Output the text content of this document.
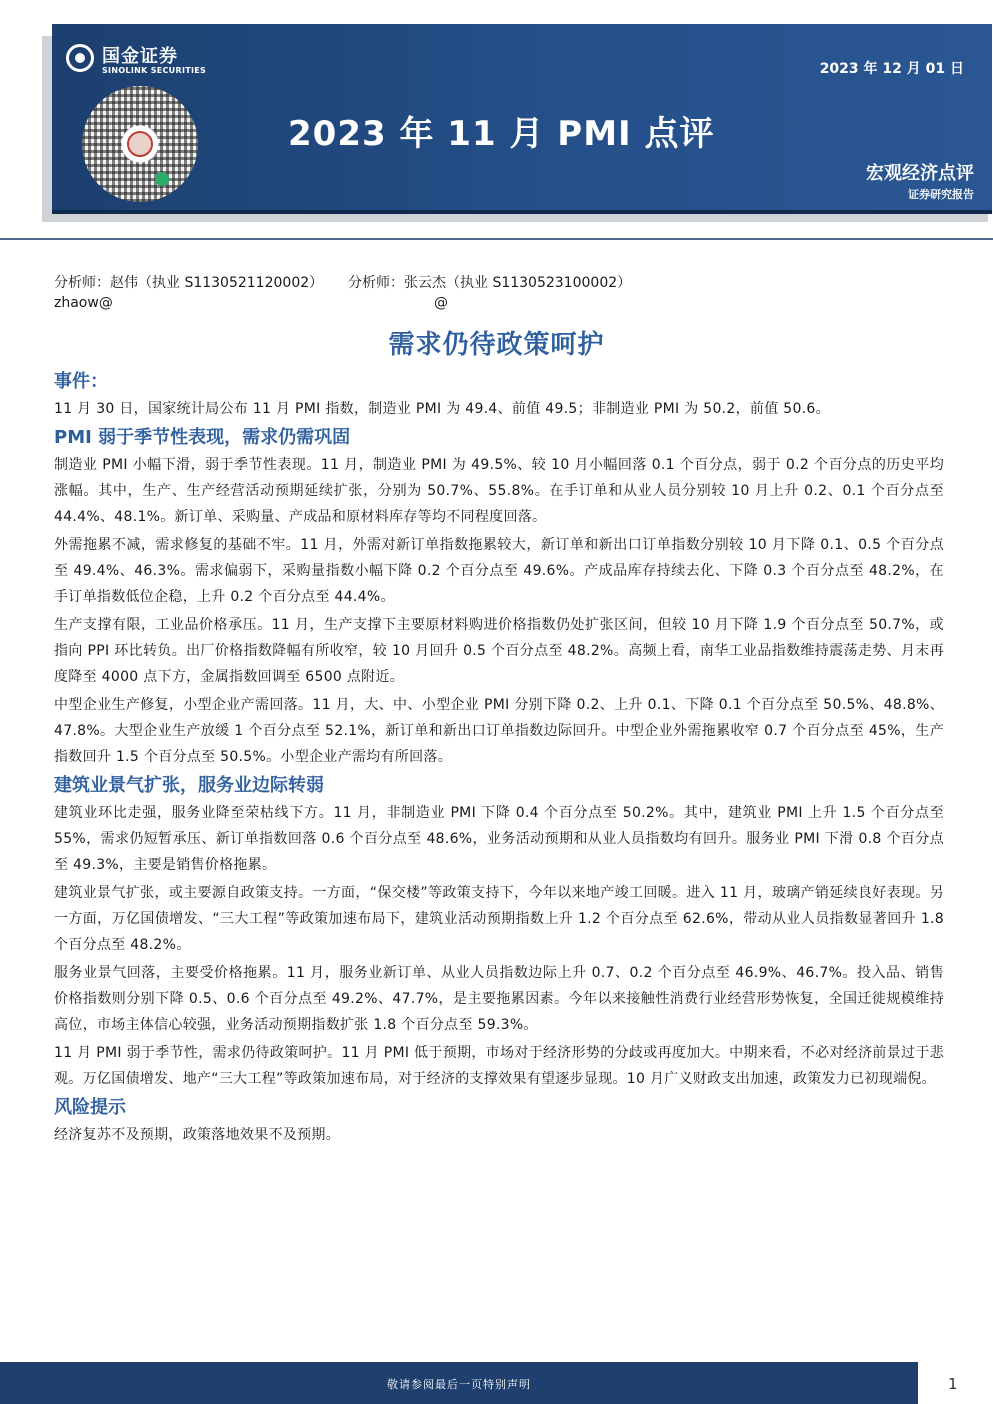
国金证券
SINOLINK SECURITIES	2023 年 12 月 01 日
2023 年 11 月 PMI 点评
宏观经济点评
证券研究报告
分析师：赵伟（执业 S1130521120002） 分析师：张云杰（执业 S1130523100002）
zhaow@	@
需求仍待政策呵护
事件：

11 月 30 日，国家统计局公布 11 月 PMI 指数，制造业 PMI 为 49.4、前值 49.5；非制造业 PMI 为 50.2，前值 50.6。

PMI 弱于季节性表现，需求仍需巩固

制造业 PMI 小幅下滑，弱于季节性表现。11 月，制造业 PMI 为 49.5%、较 10 月小幅回落 0.1 个百分点，弱于 0.2 个百分点的历史平均涨幅。其中，生产、生产经营活动预期延续扩张，分别为 50.7%、55.8%。在手订单和从业人员分别较 10 月上升 0.2、0.1 个百分点至 44.4%、48.1%。新订单、采购量、产成品和原材料库存等均不同程度回落。

外需拖累不减，需求修复的基础不牢。11 月，外需对新订单指数拖累较大，新订单和新出口订单指数分别较 10 月下降 0.1、0.5 个百分点至 49.4%、46.3%。需求偏弱下，采购量指数小幅下降 0.2 个百分点至 49.6%。产成品库存持续去化、下降 0.3 个百分点至 48.2%，在手订单指数低位企稳，上升 0.2 个百分点至 44.4%。

生产支撑有限，工业品价格承压。11 月，生产支撑下主要原材料购进价格指数仍处扩张区间，但较 10 月下降 1.9 个百分点至 50.7%，或指向 PPI 环比转负。出厂价格指数降幅有所收窄，较 10 月回升 0.5 个百分点至 48.2%。高频上看，南华工业品指数维持震荡走势、月末再度降至 4000 点下方，金属指数回调至 6500 点附近。

中型企业生产修复，小型企业产需回落。11 月，大、中、小型企业 PMI 分别下降 0.2、上升 0.1、下降 0.1 个百分点至 50.5%、48.8%、47.8%。大型企业生产放缓 1 个百分点至 52.1%，新订单和新出口订单指数边际回升。中型企业外需拖累收窄 0.7 个百分点至 45%，生产指数回升 1.5 个百分点至 50.5%。小型企业产需均有所回落。

建筑业景气扩张，服务业边际转弱

建筑业环比走强，服务业降至荣枯线下方。11 月，非制造业 PMI 下降 0.4 个百分点至 50.2%。其中，建筑业 PMI 上升 1.5 个百分点至 55%，需求仍短暂承压、新订单指数回落 0.6 个百分点至 48.6%，业务活动预期和从业人员指数均有回升。服务业 PMI 下滑 0.8 个百分点至 49.3%，主要是销售价格拖累。

建筑业景气扩张，或主要源自政策支持。一方面，“保交楼”等政策支持下，今年以来地产竣工回暖。进入 11 月，玻璃产销延续良好表现。另一方面，万亿国债增发、“三大工程”等政策加速布局下，建筑业活动预期指数上升 1.2 个百分点至 62.6%，带动从业人员指数显著回升 1.8 个百分点至 48.2%。

服务业景气回落，主要受价格拖累。11 月，服务业新订单、从业人员指数边际上升 0.7、0.2 个百分点至 46.9%、46.7%。投入品、销售价格指数则分别下降 0.5、0.6 个百分点至 49.2%、47.7%，是主要拖累因素。今年以来接触性消费行业经营形势恢复，全国迁徙规模维持高位，市场主体信心较强，业务活动预期指数扩张 1.8 个百分点至 59.3%。

11 月 PMI 弱于季节性，需求仍待政策呵护。11 月 PMI 低于预期，市场对于经济形势的分歧或再度加大。中期来看，不必对经济前景过于悲观。万亿国债增发、地产“三大工程”等政策加速布局，对于经济的支撑效果有望逐步显现。10 月广义财政支出加速，政策发力已初现端倪。

风险提示

经济复苏不及预期，政策落地效果不及预期。

敬请参阅最后一页特别声明	1
